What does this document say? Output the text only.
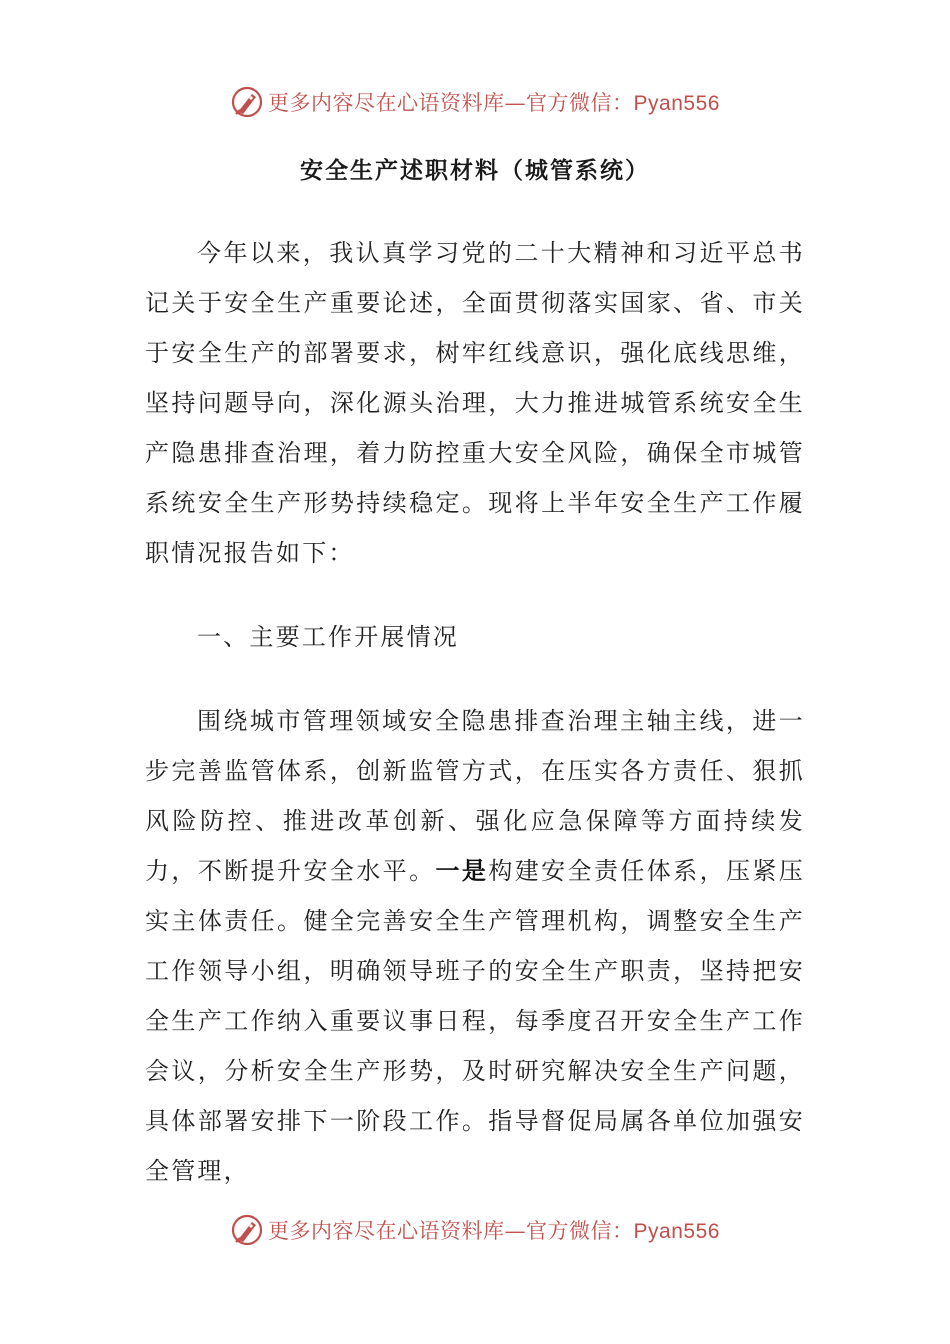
更多内容尽在心语资料库—官方微信：Pyan556
安全生产述职材料（城管系统）

今年以来，我认真学习党的二十大精神和习近平总书记关于安全生产重要论述，全面贯彻落实国家、省、市关于安全生产的部署要求，树牢红线意识，强化底线思维，坚持问题导向，深化源头治理，大力推进城管系统安全生产隐患排查治理，着力防控重大安全风险，确保全市城管系统安全生产形势持续稳定。现将上半年安全生产工作履职情况报告如下：

一、主要工作开展情况

围绕城市管理领域安全隐患排查治理主轴主线，进一步完善监管体系，创新监管方式，在压实各方责任、狠抓风险防控、推进改革创新、强化应急保障等方面持续发力，不断提升安全水平。一是构建安全责任体系，压紧压实主体责任。健全完善安全生产管理机构，调整安全生产工作领导小组，明确领导班子的安全生产职责，坚持把安全生产工作纳入重要议事日程，每季度召开安全生产工作会议，分析安全生产形势，及时研究解决安全生产问题，具体部署安排下一阶段工作。指导督促局属各单位加强安全管理，

更多内容尽在心语资料库—官方微信：Pyan556
